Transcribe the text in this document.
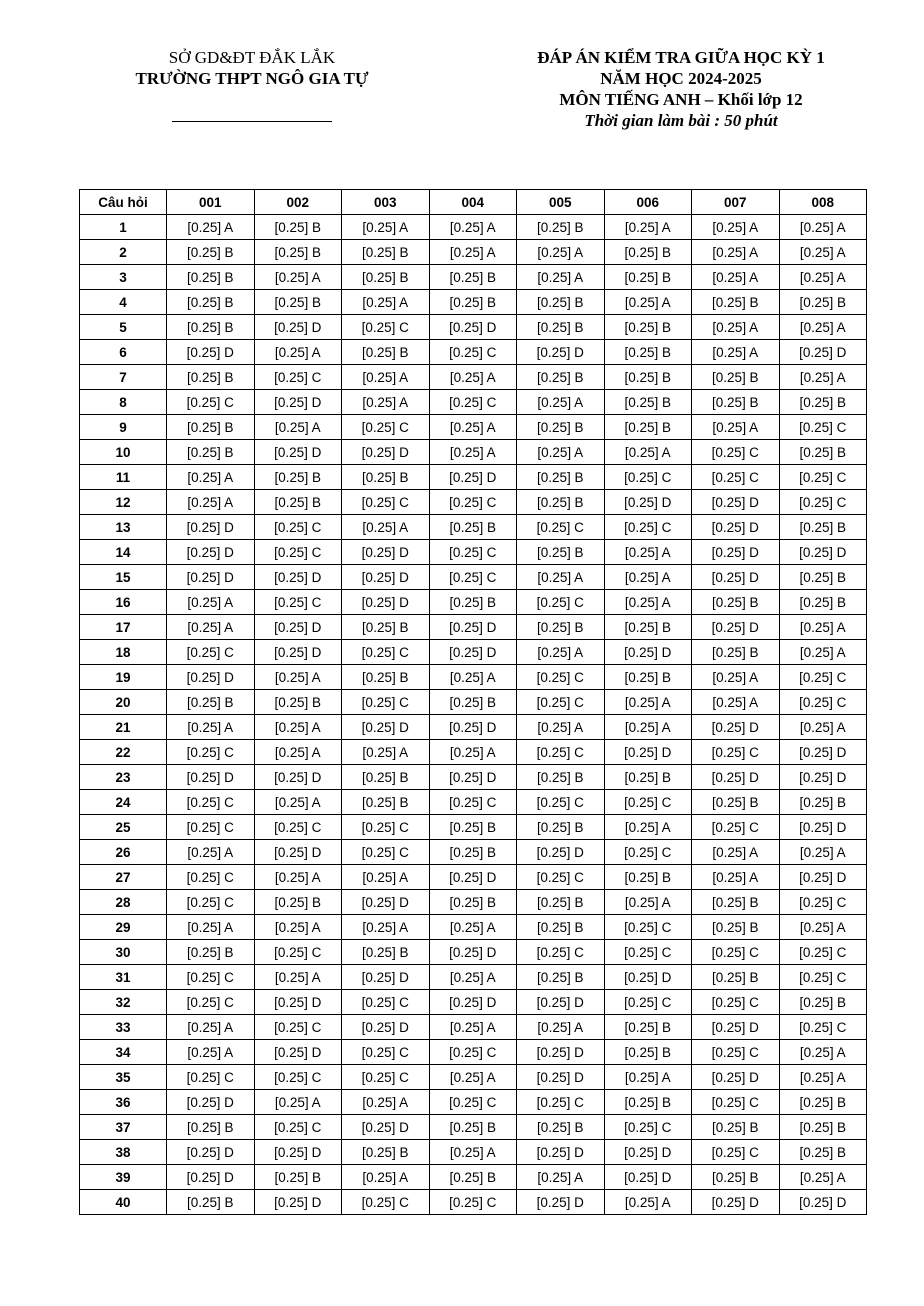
SỞ GD&ĐT ĐẮK LẮK
TRƯỜNG THPT NGÔ GIA TỰ
ĐÁP ÁN KIỂM TRA GIỮA HỌC KỲ 1
NĂM HỌC 2024-2025
MÔN TIẾNG ANH – Khối lớp 12
Thời gian làm bài : 50 phút
Câu hỏi	001	002	003	004	005	006	007	008
1	[0.25] A	[0.25] B	[0.25] A	[0.25] A	[0.25] B	[0.25] A	[0.25] A	[0.25] A
2	[0.25] B	[0.25] B	[0.25] B	[0.25] A	[0.25] A	[0.25] B	[0.25] A	[0.25] A
3	[0.25] B	[0.25] A	[0.25] B	[0.25] B	[0.25] A	[0.25] B	[0.25] A	[0.25] A
4	[0.25] B	[0.25] B	[0.25] A	[0.25] B	[0.25] B	[0.25] A	[0.25] B	[0.25] B
5	[0.25] B	[0.25] D	[0.25] C	[0.25] D	[0.25] B	[0.25] B	[0.25] A	[0.25] A
6	[0.25] D	[0.25] A	[0.25] B	[0.25] C	[0.25] D	[0.25] B	[0.25] A	[0.25] D
7	[0.25] B	[0.25] C	[0.25] A	[0.25] A	[0.25] B	[0.25] B	[0.25] B	[0.25] A
8	[0.25] C	[0.25] D	[0.25] A	[0.25] C	[0.25] A	[0.25] B	[0.25] B	[0.25] B
9	[0.25] B	[0.25] A	[0.25] C	[0.25] A	[0.25] B	[0.25] B	[0.25] A	[0.25] C
10	[0.25] B	[0.25] D	[0.25] D	[0.25] A	[0.25] A	[0.25] A	[0.25] C	[0.25] B
11	[0.25] A	[0.25] B	[0.25] B	[0.25] D	[0.25] B	[0.25] C	[0.25] C	[0.25] C
12	[0.25] A	[0.25] B	[0.25] C	[0.25] C	[0.25] B	[0.25] D	[0.25] D	[0.25] C
13	[0.25] D	[0.25] C	[0.25] A	[0.25] B	[0.25] C	[0.25] C	[0.25] D	[0.25] B
14	[0.25] D	[0.25] C	[0.25] D	[0.25] C	[0.25] B	[0.25] A	[0.25] D	[0.25] D
15	[0.25] D	[0.25] D	[0.25] D	[0.25] C	[0.25] A	[0.25] A	[0.25] D	[0.25] B
16	[0.25] A	[0.25] C	[0.25] D	[0.25] B	[0.25] C	[0.25] A	[0.25] B	[0.25] B
17	[0.25] A	[0.25] D	[0.25] B	[0.25] D	[0.25] B	[0.25] B	[0.25] D	[0.25] A
18	[0.25] C	[0.25] D	[0.25] C	[0.25] D	[0.25] A	[0.25] D	[0.25] B	[0.25] A
19	[0.25] D	[0.25] A	[0.25] B	[0.25] A	[0.25] C	[0.25] B	[0.25] A	[0.25] C
20	[0.25] B	[0.25] B	[0.25] C	[0.25] B	[0.25] C	[0.25] A	[0.25] A	[0.25] C
21	[0.25] A	[0.25] A	[0.25] D	[0.25] D	[0.25] A	[0.25] A	[0.25] D	[0.25] A
22	[0.25] C	[0.25] A	[0.25] A	[0.25] A	[0.25] C	[0.25] D	[0.25] C	[0.25] D
23	[0.25] D	[0.25] D	[0.25] B	[0.25] D	[0.25] B	[0.25] B	[0.25] D	[0.25] D
24	[0.25] C	[0.25] A	[0.25] B	[0.25] C	[0.25] C	[0.25] C	[0.25] B	[0.25] B
25	[0.25] C	[0.25] C	[0.25] C	[0.25] B	[0.25] B	[0.25] A	[0.25] C	[0.25] D
26	[0.25] A	[0.25] D	[0.25] C	[0.25] B	[0.25] D	[0.25] C	[0.25] A	[0.25] A
27	[0.25] C	[0.25] A	[0.25] A	[0.25] D	[0.25] C	[0.25] B	[0.25] A	[0.25] D
28	[0.25] C	[0.25] B	[0.25] D	[0.25] B	[0.25] B	[0.25] A	[0.25] B	[0.25] C
29	[0.25] A	[0.25] A	[0.25] A	[0.25] A	[0.25] B	[0.25] C	[0.25] B	[0.25] A
30	[0.25] B	[0.25] C	[0.25] B	[0.25] D	[0.25] C	[0.25] C	[0.25] C	[0.25] C
31	[0.25] C	[0.25] A	[0.25] D	[0.25] A	[0.25] B	[0.25] D	[0.25] B	[0.25] C
32	[0.25] C	[0.25] D	[0.25] C	[0.25] D	[0.25] D	[0.25] C	[0.25] C	[0.25] B
33	[0.25] A	[0.25] C	[0.25] D	[0.25] A	[0.25] A	[0.25] B	[0.25] D	[0.25] C
34	[0.25] A	[0.25] D	[0.25] C	[0.25] C	[0.25] D	[0.25] B	[0.25] C	[0.25] A
35	[0.25] C	[0.25] C	[0.25] C	[0.25] A	[0.25] D	[0.25] A	[0.25] D	[0.25] A
36	[0.25] D	[0.25] A	[0.25] A	[0.25] C	[0.25] C	[0.25] B	[0.25] C	[0.25] B
37	[0.25] B	[0.25] C	[0.25] D	[0.25] B	[0.25] B	[0.25] C	[0.25] B	[0.25] B
38	[0.25] D	[0.25] D	[0.25] B	[0.25] A	[0.25] D	[0.25] D	[0.25] C	[0.25] B
39	[0.25] D	[0.25] B	[0.25] A	[0.25] B	[0.25] A	[0.25] D	[0.25] B	[0.25] A
40	[0.25] B	[0.25] D	[0.25] C	[0.25] C	[0.25] D	[0.25] A	[0.25] D	[0.25] D
